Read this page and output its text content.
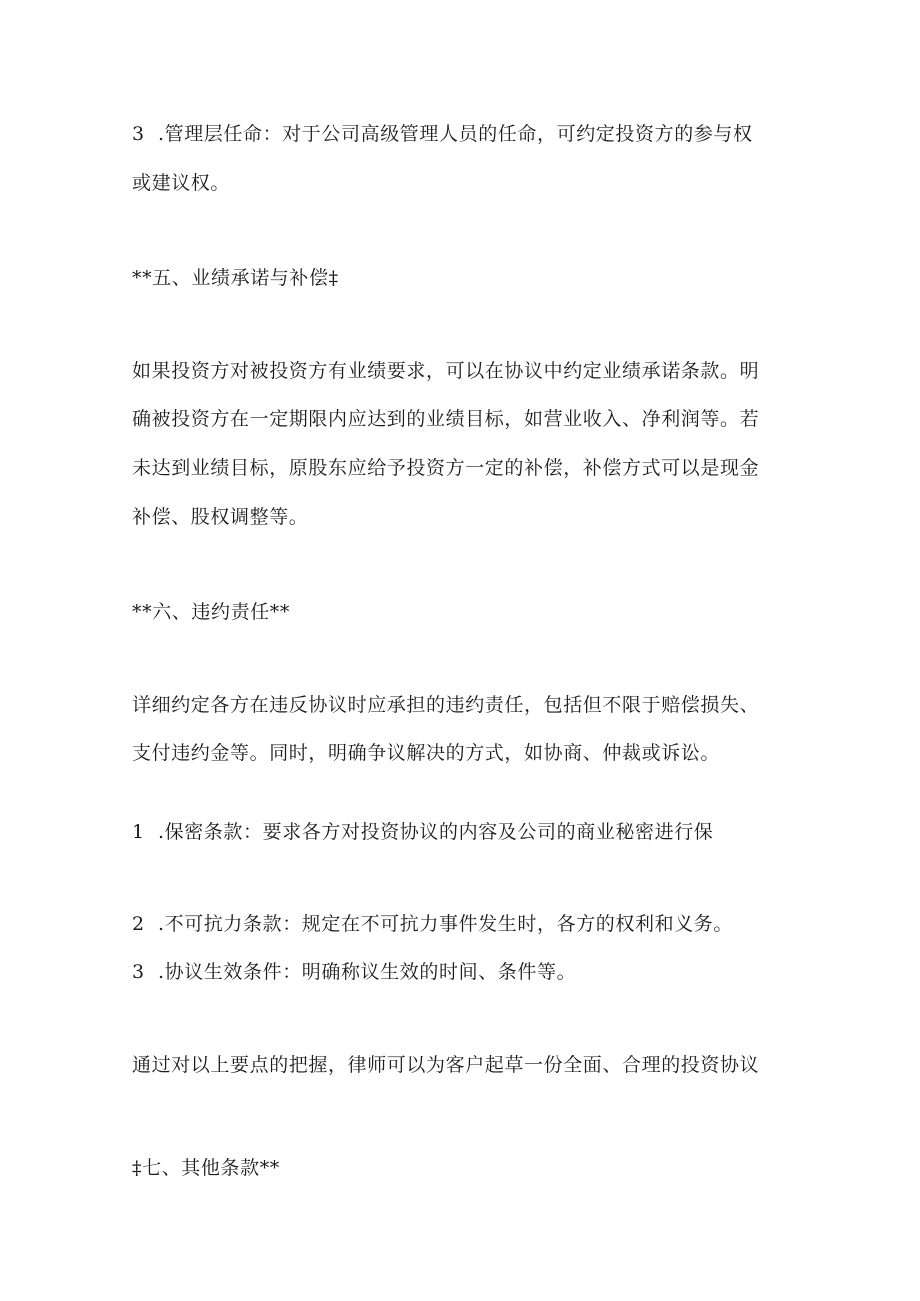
3  .管理层任命：对于公司高级管理人员的任命，可约定投资方的参与权
或建议权。
**五、业绩承诺与补偿‡
如果投资方对被投资方有业绩要求，可以在协议中约定业绩承诺条款。明
确被投资方在一定期限内应达到的业绩目标，如营业收入、净利润等。若
未达到业绩目标，原股东应给予投资方一定的补偿，补偿方式可以是现金
补偿、股权调整等。
**六、违约责任**
详细约定各方在违反协议时应承担的违约责任，包括但不限于赔偿损失、
支付违约金等。同时，明确争议解决的方式，如协商、仲裁或诉讼。
1  .保密条款：要求各方对投资协议的内容及公司的商业秘密进行保
2  .不可抗力条款：规定在不可抗力事件发生时，各方的权利和义务。
3  .协议生效条件：明确称议生效的时间、条件等。
通过对以上要点的把握，律师可以为客户起草一份全面、合理的投资协议
‡七、其他条款**
